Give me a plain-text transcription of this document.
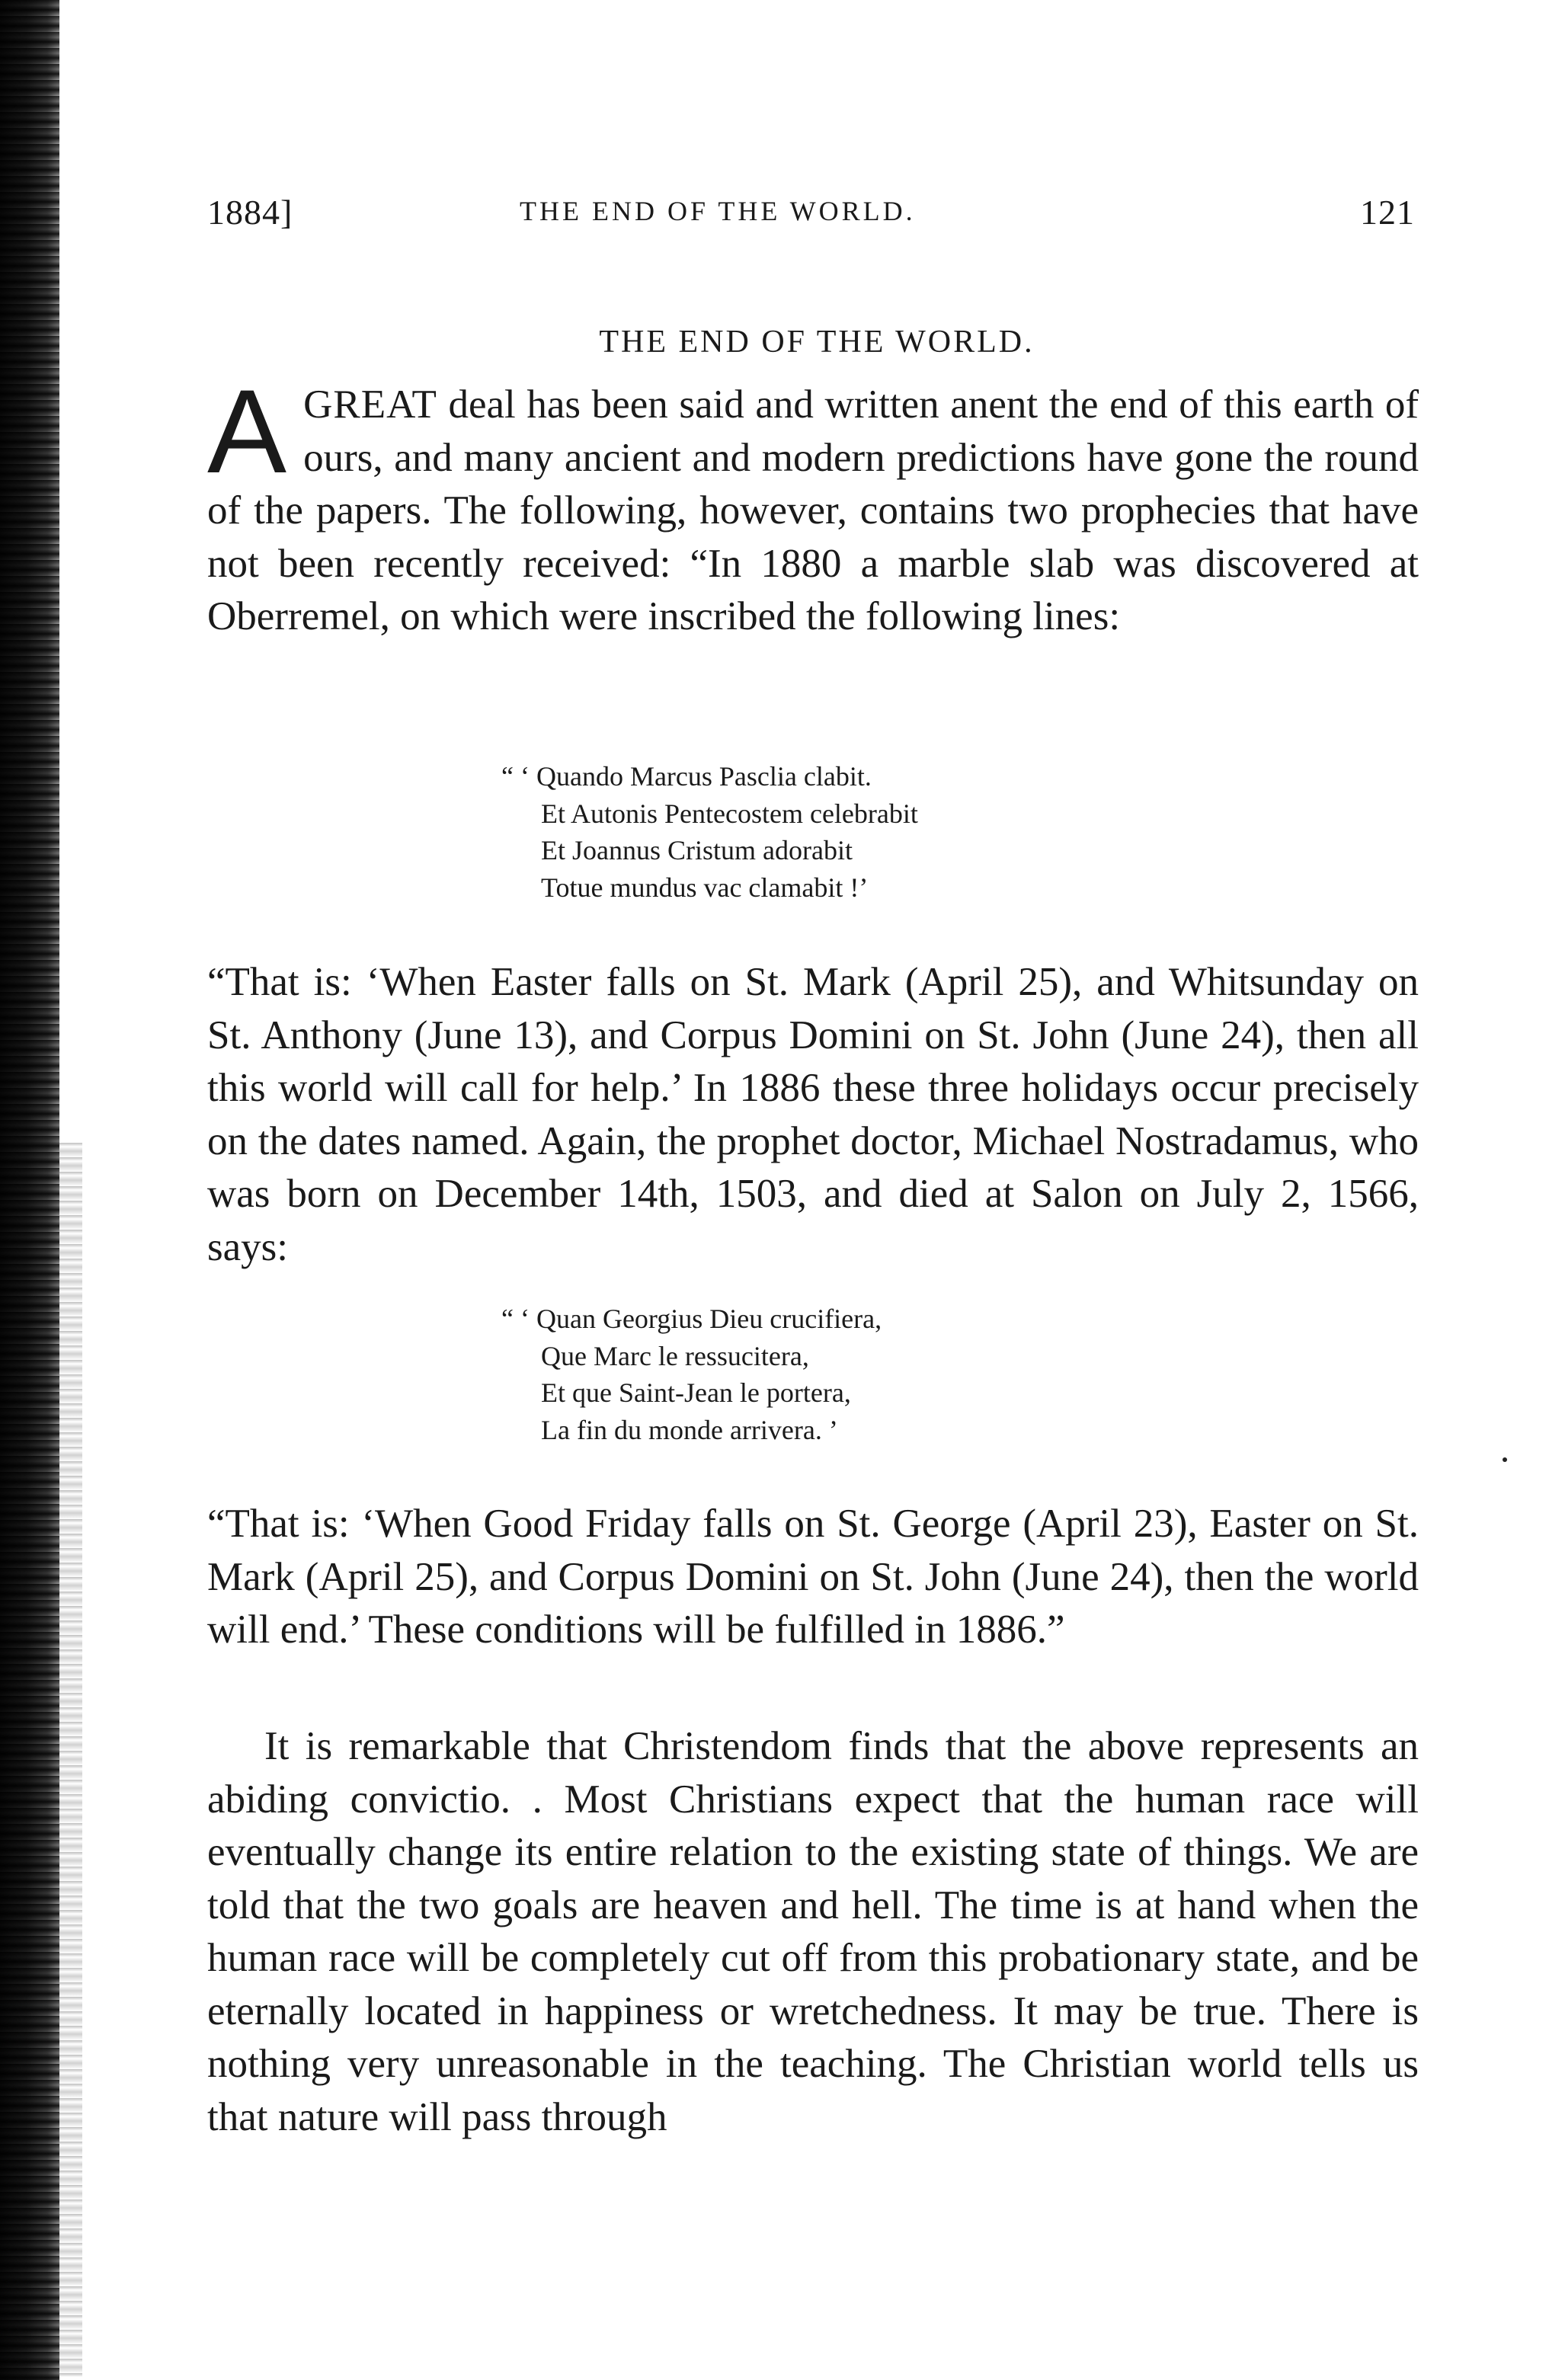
1884]	THE END OF THE WORLD.	121
THE END OF THE WORLD.

AGREAT deal has been said and written anent the end of this earth of ours, and many ancient and modern predictions have gone the round of the papers. The following, however, contains two prophecies that have not been recently received: “In 1880 a marble slab was discovered at Oberremel, on which were inscribed the following lines:

“ ‘ Quando Marcus Pasclia clabit.
Et Autonis Pentecostem celebrabit
Et Joannus Cristum adorabit
Totue mundus vac clamabit !’

“That is: ‘When Easter falls on St. Mark (April 25), and Whitsunday on St. Anthony (June 13), and Corpus Domini on St. John (June 24), then all this world will call for help.’ In 1886 these three holidays occur precisely on the dates named. Again, the prophet doctor, Michael Nostradamus, who was born on December 14th, 1503, and died at Salon on July 2, 1566, says:

“ ‘ Quan Georgius Dieu crucifiera,
Que Marc le ressucitera,
Et que Saint-Jean le portera,
La fin du monde arrivera. ’

“That is: ‘When Good Friday falls on St. George (April 23), Easter on St. Mark (April 25), and Corpus Domini on St. John (June 24), then the world will end.’ These conditions will be fulfilled in 1886.”

It is remarkable that Christendom finds that the above represents an abiding convictio. . Most Christians expect that the human race will eventually change its entire relation to the existing state of things. We are told that the two goals are heaven and hell. The time is at hand when the human race will be completely cut off from this probationary state, and be eternally located in happiness or wretchedness. It may be true. There is nothing very unreasonable in the teaching. The Christian world tells us that nature will pass through
